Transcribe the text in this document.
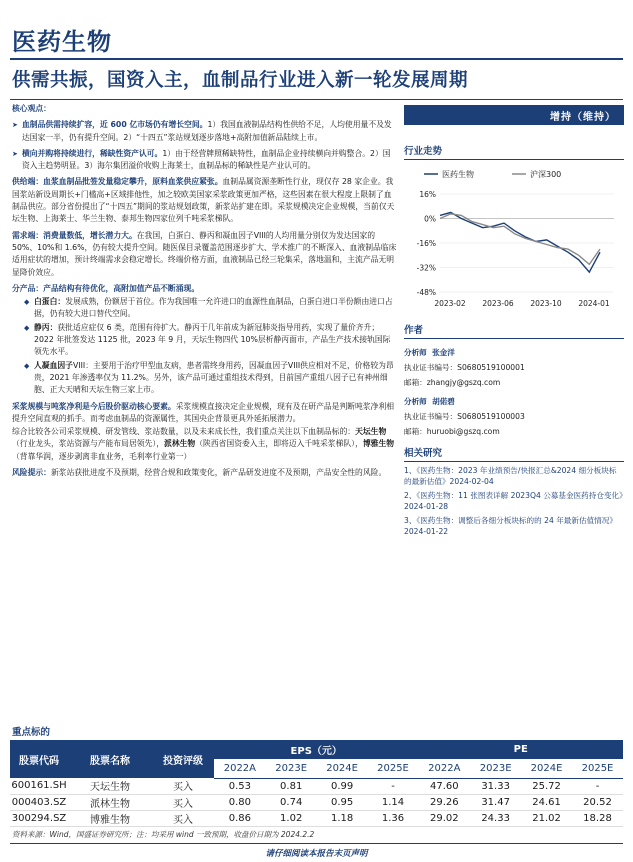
医药生物
供需共振，国资入主，血制品行业进入新一轮发展周期

核心观点：

➤ 血制品供需持续扩容，近 600 亿市场仍有增长空间。1）我国血液制品结构性供给不足，人均使用量不及发达国家一半，仍有提升空间。2）“十四五”浆站规划逐步落地+高附加值新品陆续上市。

➤ 横向并购将持续进行，稀缺性资产认可。1）由于经营牌照稀缺特性，血制品企业持续横向并购整合。2）国资入主趋势明显。3）海尔集团溢价收购上海莱士，血制品标的稀缺性是产业认可的。

供给端：血浆血制品批签发量稳定攀升，原料血浆供应紧张。血制品属资源垄断性行业，现仅存 28 家企业。我国浆站新设周期长+门槛高+区域排他性，加之较欧美国家采浆政策更加严格，这些因素在很大程度上限制了血制品供应。部分省份提出了“十四五”期间的浆站规划政策，新浆站扩建在即。采浆规模决定企业规模，当前仅天坛生物、上海莱士、华兰生物、泰邦生物四家位列千吨采浆梯队。

需求端：消费量数低，增长潜力大。在我国，白蛋白、静丙和凝血因子VIII的人均用量分别仅为发达国家的 50%、10%和 1.6%，仍有较大提升空间。随医保目录覆盖范围逐步扩大、学术推广的不断深入、血液制品临床适用症状的增加，预计终端需求会稳定增长。终端价格方面，血液制品已经三轮集采，落地温和，主流产品无明显降价效应。

分产品：产品结构有待优化，高附加值产品不断涌现。

◆ 白蛋白：发展成熟，份额居于首位。作为我国唯一允许进口的血源性血制品，白蛋白进口半份额由进口占据，仍有较大进口替代空间。

◆ 静丙：获批适应症仅 6 类，范围有待扩大。静丙于几年前成为新冠肺炎指导用药，实现了量价齐升；2022 年批签发达 1125 批，2023 年 9 月，天坛生物四代 10%层析静丙面市，产品生产技术接轨国际领先水平。

◆ 人凝血因子VIII：主要用于治疗甲型血友病，患者需终身用药，因凝血因子VIII供应相对不足，价格较为昂贵，2021 年渗透率仅为 11.2%。另外，该产品可通过重组技术得到，目前国产重组八因子已有神州细胞、正大天晴和天坛生物三家上市。

采浆规模与吨浆净利是今后股价驱动核心要素。采浆规模直接决定企业规模，现有及在研产品是判断吨浆净利相提升空间直观的抓手。而考虑血制品的资源属性，其国央企背景更具外延拓展潜力。

综合比较各公司采浆规模、研发管线、浆站数量，以及未来成长性，我们重点关注以下血制品标的：天坛生物（行业龙头，浆站资源与产能布局居领先），派林生物（陕西省国资委入主，即将迈入千吨采浆梯队），博雅生物（背靠华润，逐步剥离非血业务，毛利率行业第一）

风险提示：新浆站获批进度不及预期，经营合规和政策变化，新产品研发进度不及预期，产品安全性的风险。

增持（维持）
行业走势
医药生物	沪深300
16%
0%
-16%
-32%
-48%
2023-02 2023-06 2023-10 2024-01
作者
分析师 张金洋
执业证书编号：S0680519100001
邮箱：zhangjy@gszq.com
分析师 胡偌碧
执业证书编号：S0680519100003
邮箱：huruobi@gszq.com
相关研究
1、《医药生物：2023 年业绩预告/快报汇总&2024 细分板块标的最新估值》2024-02-04
2、《医药生物：11 张图表详解 2023Q4 公募基金医药持仓变化》2024-01-28
3、《医药生物：调整后各细分板块标的的 24 年最新估值情况》2024-01-22
重点标的
股票代码	股票名称	投资评级	EPS（元）				PE			
			2022A	2023E	2024E	2025E	2022A	2023E	2024E	2025E
600161.SH	天坛生物	买入	0.53	0.81	0.99	-	47.60	31.33	25.72	-
000403.SZ	派林生物	买入	0.80	0.74	0.95	1.14	29.26	31.47	24.61	20.52
300294.SZ	博雅生物	买入	0.86	1.02	1.18	1.36	29.02	24.33	21.02	18.28
资料来源：Wind，国盛证券研究所；注：均采用 wind 一致预期，收盘价日期为 2024.2.2
请仔细阅读本报告末页声明
